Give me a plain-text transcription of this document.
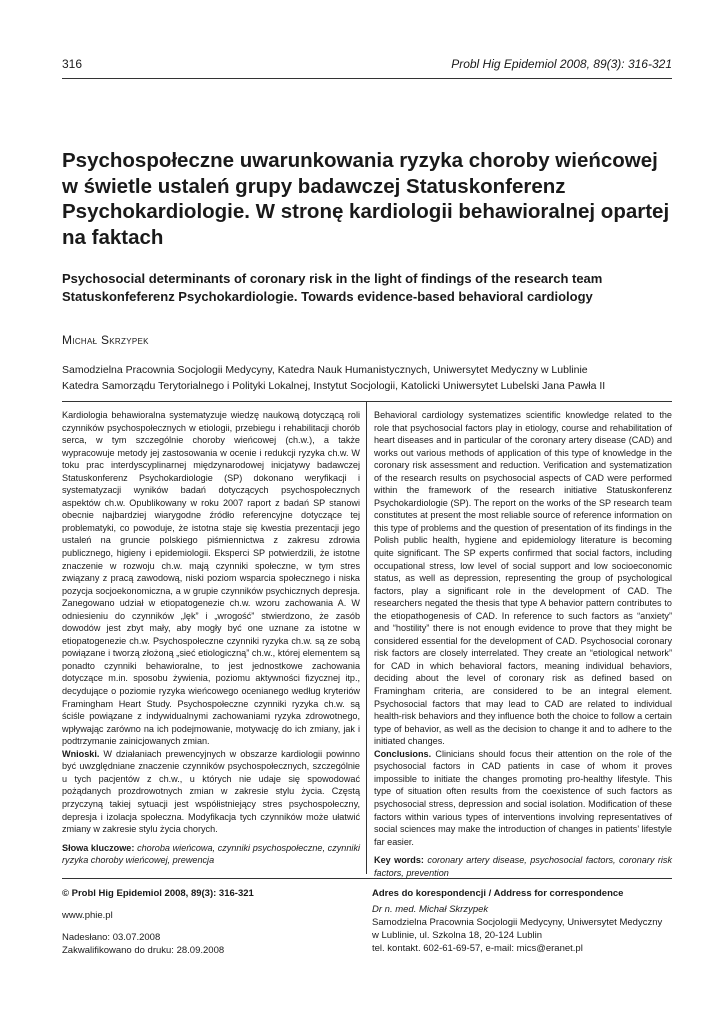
316	Probl Hig Epidemiol 2008, 89(3): 316-321
Psychospołeczne uwarunkowania ryzyka choroby wieńcowej w świetle ustaleń grupy badawczej Statuskonferenz Psychokardiologie. W stronę kardiologii behawioralnej opartej na faktach
Psychosocial determinants of coronary risk in the light of findings of the research team Statuskonfeferenz Psychokardiologie. Towards evidence-based behavioral cardiology
Michał Skrzypek
Samodzielna Pracownia Socjologii Medycyny, Katedra Nauk Humanistycznych, Uniwersytet Medyczny w Lublinie
Katedra Samorządu Terytorialnego i Polityki Lokalnej, Instytut Socjologii, Katolicki Uniwersytet Lubelski Jana Pawła II

Kardiologia behawioralna systematyzuje wiedzę naukową dotyczącą roli czynników psychospołecznych w etiologii, przebiegu i rehabilitacji chorób serca, w tym szczególnie choroby wieńcowej (ch.w.), a także wypracowuje metody jej zastosowania w ocenie i redukcji ryzyka ch.w. W toku prac interdyscyplinarnej międzynarodowej inicjatywy badawczej Statuskonferenz Psychokardiologie (SP) dokonano weryfikacji i systematyzacji wyników badań dotyczących psychospołecznych aspektów ch.w. Opublikowany w roku 2007 raport z badań SP stanowi obecnie najbardziej wiarygodne źródło referencyjne dotyczące tej problematyki, co powoduje, że istotna staje się kwestia prezentacji jego ustaleń na gruncie polskiego piśmiennictwa z zakresu zdrowia publicznego, higieny i epidemiologii. Eksperci SP potwierdzili, że istotne znaczenie w rozwoju ch.w. mają czynniki społeczne, w tym stres związany z pracą zawodową, niski poziom wsparcia społecznego i niska pozycja socjoekonomiczna, a w grupie czynników psychicznych depresja. Zanegowano udział w etiopatogenezie ch.w. wzoru zachowania A. W odniesieniu do czynników „lęk” i „wrogość” stwierdzono, że zasób dowodów jest zbyt mały, aby mogły być one uznane za istotne w etiopatogenezie ch.w. Psychospołeczne czynniki ryzyka ch.w. są ze sobą powiązane i tworzą złożoną „sieć etiologiczną” ch.w., której elementem są ponadto czynniki behawioralne, to jest jednostkowe zachowania dotyczące m.in. sposobu żywienia, poziomu aktywności fizycznej itp., decydujące o poziomie ryzyka wieńcowego ocenianego według kryteriów Framingham Heart Study. Psychospołeczne czynniki ryzyka ch.w. są ściśle powiązane z indywidualnymi zachowaniami ryzyka zdrowotnego, wpływając zarówno na ich podejmowanie, motywację do ich zmiany, jak i podtrzymanie zainicjowanych zmian.

Wnioski. W działaniach prewencyjnych w obszarze kardiologii powinno być uwzględniane znaczenie czynników psychospołecznych, szczególnie u tych pacjentów z ch.w., u których nie udaje się spowodować pożądanych prozdrowotnych zmian w zakresie stylu życia. Częstą przyczyną takiej sytuacji jest współistniejący stres psychospołeczny, depresja i izolacja społeczna. Modyfikacja tych czynników może ułatwić zmiany w zakresie stylu życia chorych.

Słowa kluczowe: choroba wieńcowa, czynniki psychospołeczne, czynniki ryzyka choroby wieńcowej, prewencja

Behavioral cardiology systematizes scientific knowledge related to the role that psychosocial factors play in etiology, course and rehabilitation of heart diseases and in particular of the coronary artery disease (CAD) and works out various methods of application of this type of knowledge in the coronary risk assessment and reduction. Verification and systematization of the research results on psychosocial aspects of CAD were performed within the framework of the research initiative Statuskonferenz Psychokardiologie (SP). The report on the works of the SP research team constitutes at present the most reliable source of reference information on this type of problems and the question of presentation of its findings in the Polish public health, hygiene and epidemiology literature is becoming quite significant. The SP experts confirmed that social factors, including occupational stress, low level of social support and low socioeconomic status, as well as depression, representing the group of psychological factors, play a significant role in the development of CAD. The researchers negated the thesis that type A behavior pattern contributes to the etiopathogenesis of CAD. In reference to such factors as “anxiety” and “hostility” there is not enough evidence to prove that they might be considered essential for the development of CAD. Psychosocial coronary risk factors are closely interrelated. They create an “etiological network” for CAD in which behavioral factors, meaning individual behaviors, deciding about the level of coronary risk as defined based on Framingham criteria, are considered to be an integral element. Psychosocial factors that may lead to CAD are related to individual health-risk behaviors and they influence both the choice to follow a certain type of behavior, as well as the decision to change it and to adhere to the initiated changes.

Conclusions. Clinicians should focus their attention on the role of the psychosocial factors in CAD patients in case of whom it proves impossible to initiate the changes promoting pro-healthy lifestyle. This type of situation often results from the coexistence of such factors as psychosocial stress, depression and social isolation. Modification of these factors within various types of interventions involving representatives of social sciences may make the introduction of changes in patients’ lifestyle far easier.

Key words: coronary artery disease, psychosocial factors, coronary risk factors, prevention

© Probl Hig Epidemiol 2008, 89(3): 316-321

www.phie.pl

Nadesłano: 03.07.2008

Zakwalifikowano do druku: 28.09.2008

Adres do korespondencji / Address for correspondence

Dr n. med. Michał Skrzypek

Samodzielna Pracownia Socjologii Medycyny, Uniwersytet Medyczny

w Lublinie, ul. Szkolna 18, 20-124 Lublin

tel. kontakt. 602-61-69-57, e-mail: mics@eranet.pl
